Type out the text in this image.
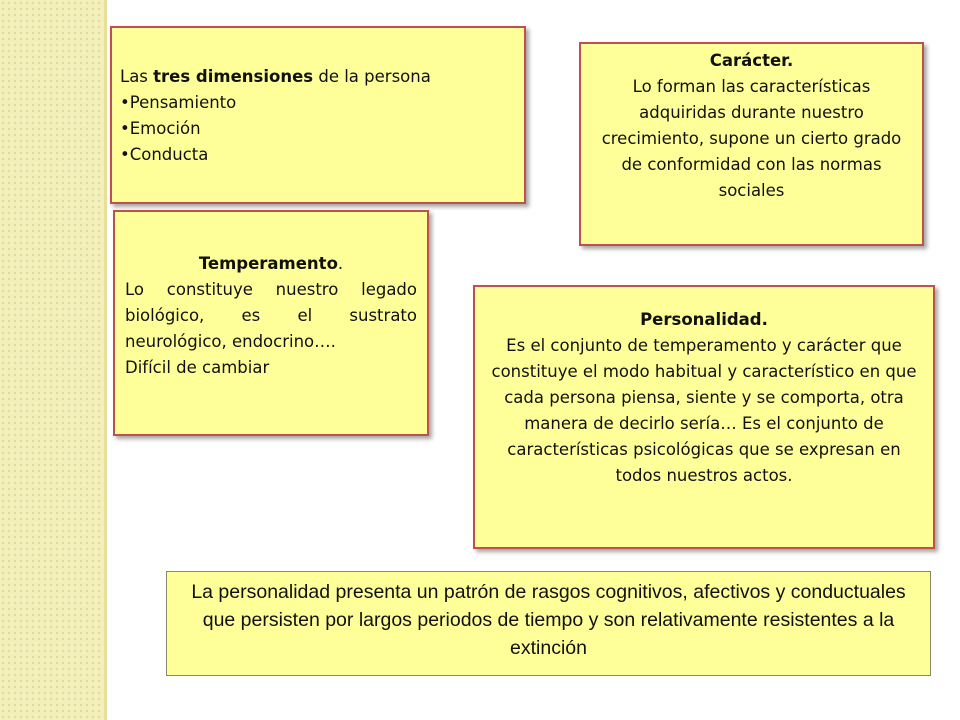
Las tres dimensiones de la persona
•Pensamiento
•Emoción
•Conducta
Carácter.
Lo forman las características adquiridas durante nuestro crecimiento, supone un cierto grado de conformidad con las normas sociales
Temperamento.
Lo constituye nuestro legado
biológico, es el sustrato
neurológico, endocrino….
Difícil de cambiar
Personalidad.
Es el conjunto de temperamento y carácter que constituye el modo habitual y característico en que cada persona piensa, siente y se comporta, otra manera de decirlo sería… Es el conjunto de características psicológicas que se expresan en todos nuestros actos.
La personalidad presenta un patrón de rasgos cognitivos, afectivos y conductuales que persisten por largos periodos de tiempo y son relativamente resistentes a la extinción
